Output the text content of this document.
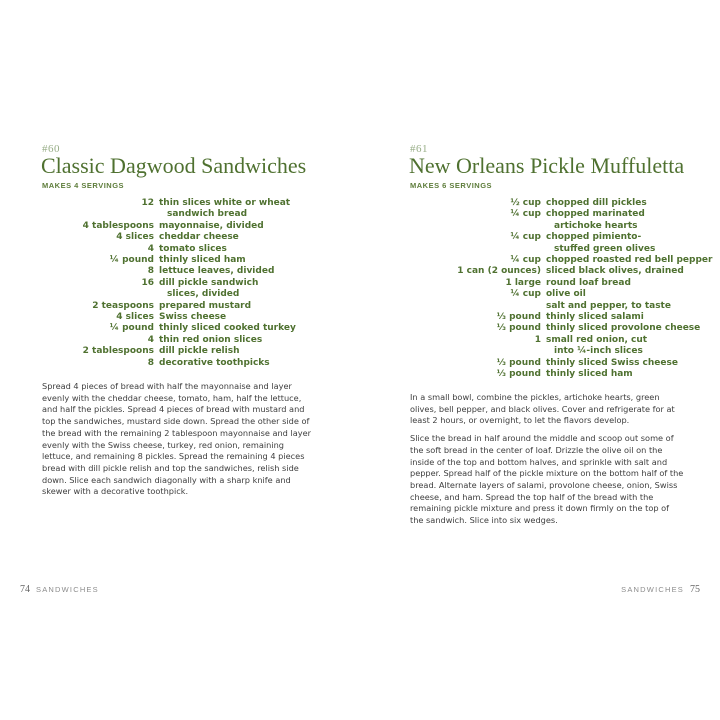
#60
Classic Dagwood Sandwiches
MAKES 4 SERVINGS
12 thin slices white or wheat
sandwich bread
4 tablespoons mayonnaise, divided
4 slices cheddar cheese
4 tomato slices
¼ pound thinly sliced ham
8 lettuce leaves, divided
16 dill pickle sandwich
slices, divided
2 teaspoons prepared mustard
4 slices Swiss cheese
¼ pound thinly sliced cooked turkey
4 thin red onion slices
2 tablespoons dill pickle relish
8 decorative toothpicks

Spread 4 pieces of bread with half the mayonnaise and layer evenly with the cheddar cheese, tomato, ham, half the lettuce, and half the pickles. Spread 4 pieces of bread with mustard and top the sandwiches, mustard side down. Spread the other side of the bread with the remaining 2 tablespoon mayonnaise and layer evenly with the Swiss cheese, turkey, red onion, remaining lettuce, and remaining 8 pickles. Spread the remaining 4 pieces bread with dill pickle relish and top the sandwiches, relish side down. Slice each sandwich diagonally with a sharp knife and skewer with a decorative toothpick.

74 SANDWICHES
#61
New Orleans Pickle Muffuletta
MAKES 6 SERVINGS
½ cup chopped dill pickles
¼ cup chopped marinated
artichoke hearts
¼ cup chopped pimiento-
stuffed green olives
¼ cup chopped roasted red bell pepper
1 can (2 ounces) sliced black olives, drained
1 large round loaf bread
¼ cup olive oil
salt and pepper, to taste
⅓ pound thinly sliced salami
⅓ pound thinly sliced provolone cheese
1 small red onion, cut
into ¼-inch slices
⅓ pound thinly sliced Swiss cheese
⅓ pound thinly sliced ham

In a small bowl, combine the pickles, artichoke hearts, green olives, bell pepper, and black olives. Cover and refrigerate for at least 2 hours, or overnight, to let the flavors develop.

Slice the bread in half around the middle and scoop out some of the soft bread in the center of loaf. Drizzle the olive oil on the inside of the top and bottom halves, and sprinkle with salt and pepper. Spread half of the pickle mixture on the bottom half of the bread. Alternate layers of salami, provolone cheese, onion, Swiss cheese, and ham. Spread the top half of the bread with the remaining pickle mixture and press it down firmly on the top of the sandwich. Slice into six wedges.

SANDWICHES 75
